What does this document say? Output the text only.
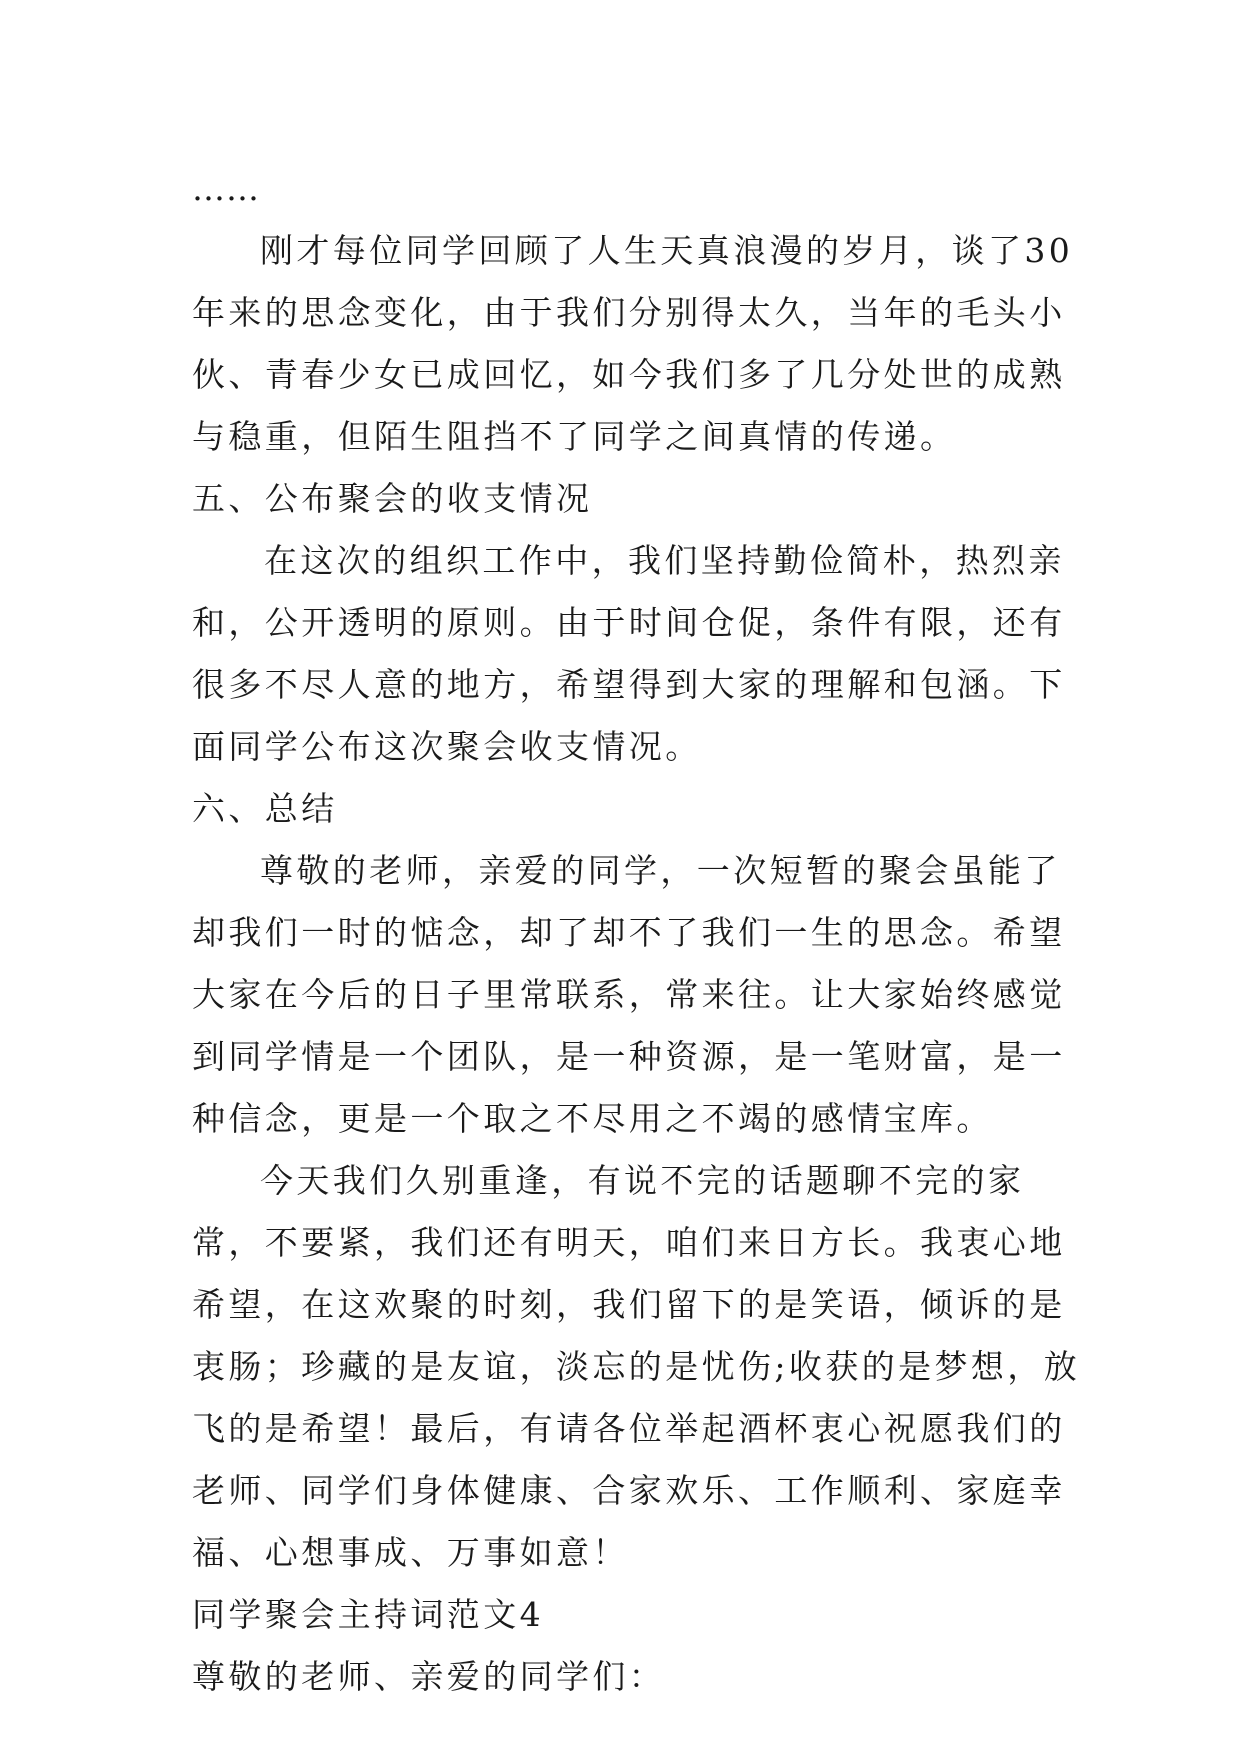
……

刚才每位同学回顾了人生天真浪漫的岁月，谈了30年来的思念变化，由于我们分别得太久，当年的毛头小伙、青春少女已成回忆，如今我们多了几分处世的成熟与稳重，但陌生阻挡不了同学之间真情的传递。

五、公布聚会的收支情况

在这次的组织工作中，我们坚持勤俭简朴，热烈亲和，公开透明的原则。由于时间仓促，条件有限，还有很多不尽人意的地方，希望得到大家的理解和包涵。下面同学公布这次聚会收支情况。

六、总结

尊敬的老师，亲爱的同学，一次短暂的聚会虽能了却我们一时的惦念，却了却不了我们一生的思念。希望大家在今后的日子里常联系，常来往。让大家始终感觉到同学情是一个团队，是一种资源，是一笔财富，是一种信念，更是一个取之不尽用之不竭的感情宝库。

今天我们久别重逢，有说不完的话题聊不完的家常，不要紧，我们还有明天，咱们来日方长。我衷心地希望，在这欢聚的时刻，我们留下的是笑语，倾诉的是衷肠；珍藏的是友谊，淡忘的是忧伤;收获的是梦想，放飞的是希望！最后，有请各位举起酒杯衷心祝愿我们的老师、同学们身体健康、合家欢乐、工作顺利、家庭幸福、心想事成、万事如意！

同学聚会主持词范文4

尊敬的老师、亲爱的同学们：
